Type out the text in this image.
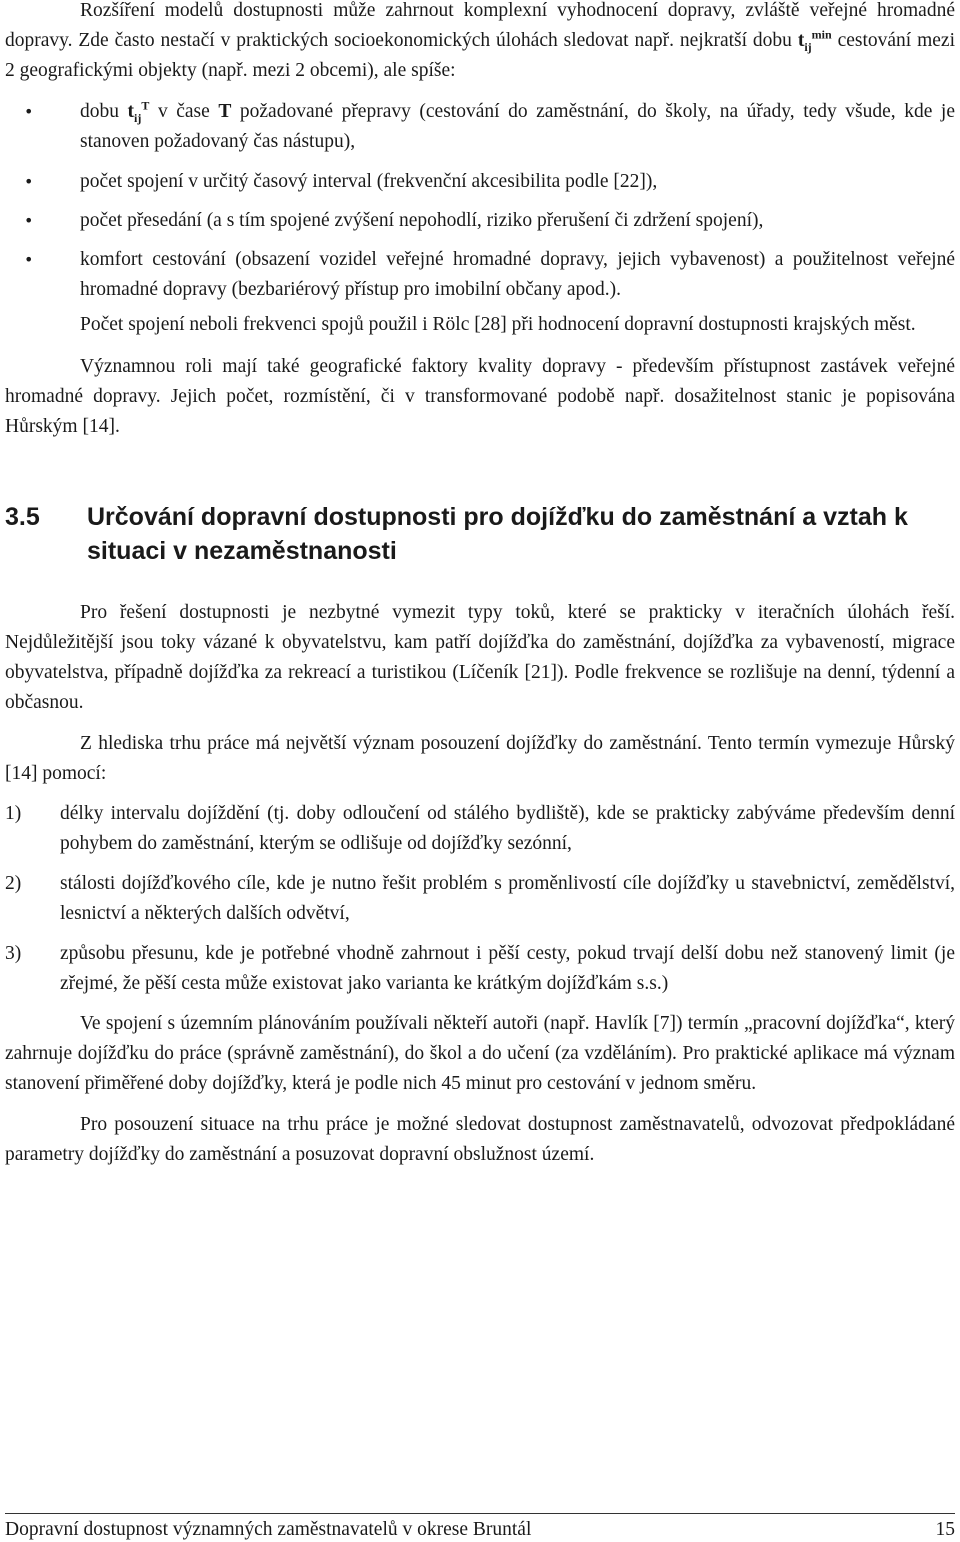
Rozšíření modelů dostupnosti může zahrnout komplexní vyhodnocení dopravy, zvláště veřejné hromadné dopravy. Zde často nestačí v praktických socioekonomických úlohách sledovat např. nejkratší dobu $t_{ij}^{min}$ cestování mezi 2 geografickými objekty (např. mezi 2 obcemi), ale spíše:

• dobu $t_{ij}^T$ v čase T požadované přepravy (cestování do zaměstnání, do školy, na úřady, tedy všude, kde je stanoven požadovaný čas nástupu),
• počet spojení v určitý časový interval (frekvenční akcesibilita podle [22]),
• počet přesedání (a s tím spojené zvýšení nepohodlí, riziko přerušení či zdržení spojení),
• komfort cestování (obsazení vozidel veřejné hromadné dopravy, jejich vybavenost) a použitelnost veřejné hromadné dopravy (bezbariérový přístup pro imobilní občany apod.).

Počet spojení neboli frekvenci spojů použil i Rölc [28] při hodnocení dopravní dostupnosti krajských měst.

Významnou roli mají také geografické faktory kvality dopravy - především přístupnost zastávek veřejné hromadné dopravy. Jejich počet, rozmístění, či v transformované podobě např. dosažitelnost stanic je popisována Hůrským [14].

3.5 Určování dopravní dostupnosti pro dojížďku do zaměstnání a vztah k situaci v nezaměstnanosti

Pro řešení dostupnosti je nezbytné vymezit typy toků, které se prakticky v iteračních úlohách řeší. Nejdůležitější jsou toky vázané k obyvatelstvu, kam patří dojížďka do zaměstnání, dojížďka za vybaveností, migrace obyvatelstva, případně dojížďka za rekreací a turistikou (Líčeník [21]). Podle frekvence se rozlišuje na denní, týdenní a občasnou.

Z hlediska trhu práce má největší význam posouzení dojížďky do zaměstnání. Tento termín vymezuje Hůrský [14] pomocí:

1) délky intervalu dojíždění (tj. doby odloučení od stálého bydliště), kde se prakticky zabýváme především denní pohybem do zaměstnání, kterým se odlišuje od dojížďky sezónní,
2) stálosti dojížďkového cíle, kde je nutno řešit problém s proměnlivostí cíle dojížďky u stavebnictví, zemědělství, lesnictví a některých dalších odvětví,
3) způsobu přesunu, kde je potřebné vhodně zahrnout i pěší cesty, pokud trvají delší dobu než stanovený limit (je zřejmé, že pěší cesta může existovat jako varianta ke krátkým dojížďkám s.s.)

Ve spojení s územním plánováním používali někteří autoři (např. Havlík [7]) termín „pracovní dojížďka“, který zahrnuje dojížďku do práce (správně zaměstnání), do škol a do učení (za vzděláním). Pro praktické aplikace má význam stanovení přiměřené doby dojížďky, která je podle nich 45 minut pro cestování v jednom směru.

Pro posouzení situace na trhu práce je možné sledovat dostupnost zaměstnavatelů, odvozovat předpokládané parametry dojížďky do zaměstnání a posuzovat dopravní obslužnost území.

Dopravní dostupnost významných zaměstnavatelů v okrese Bruntál	15
